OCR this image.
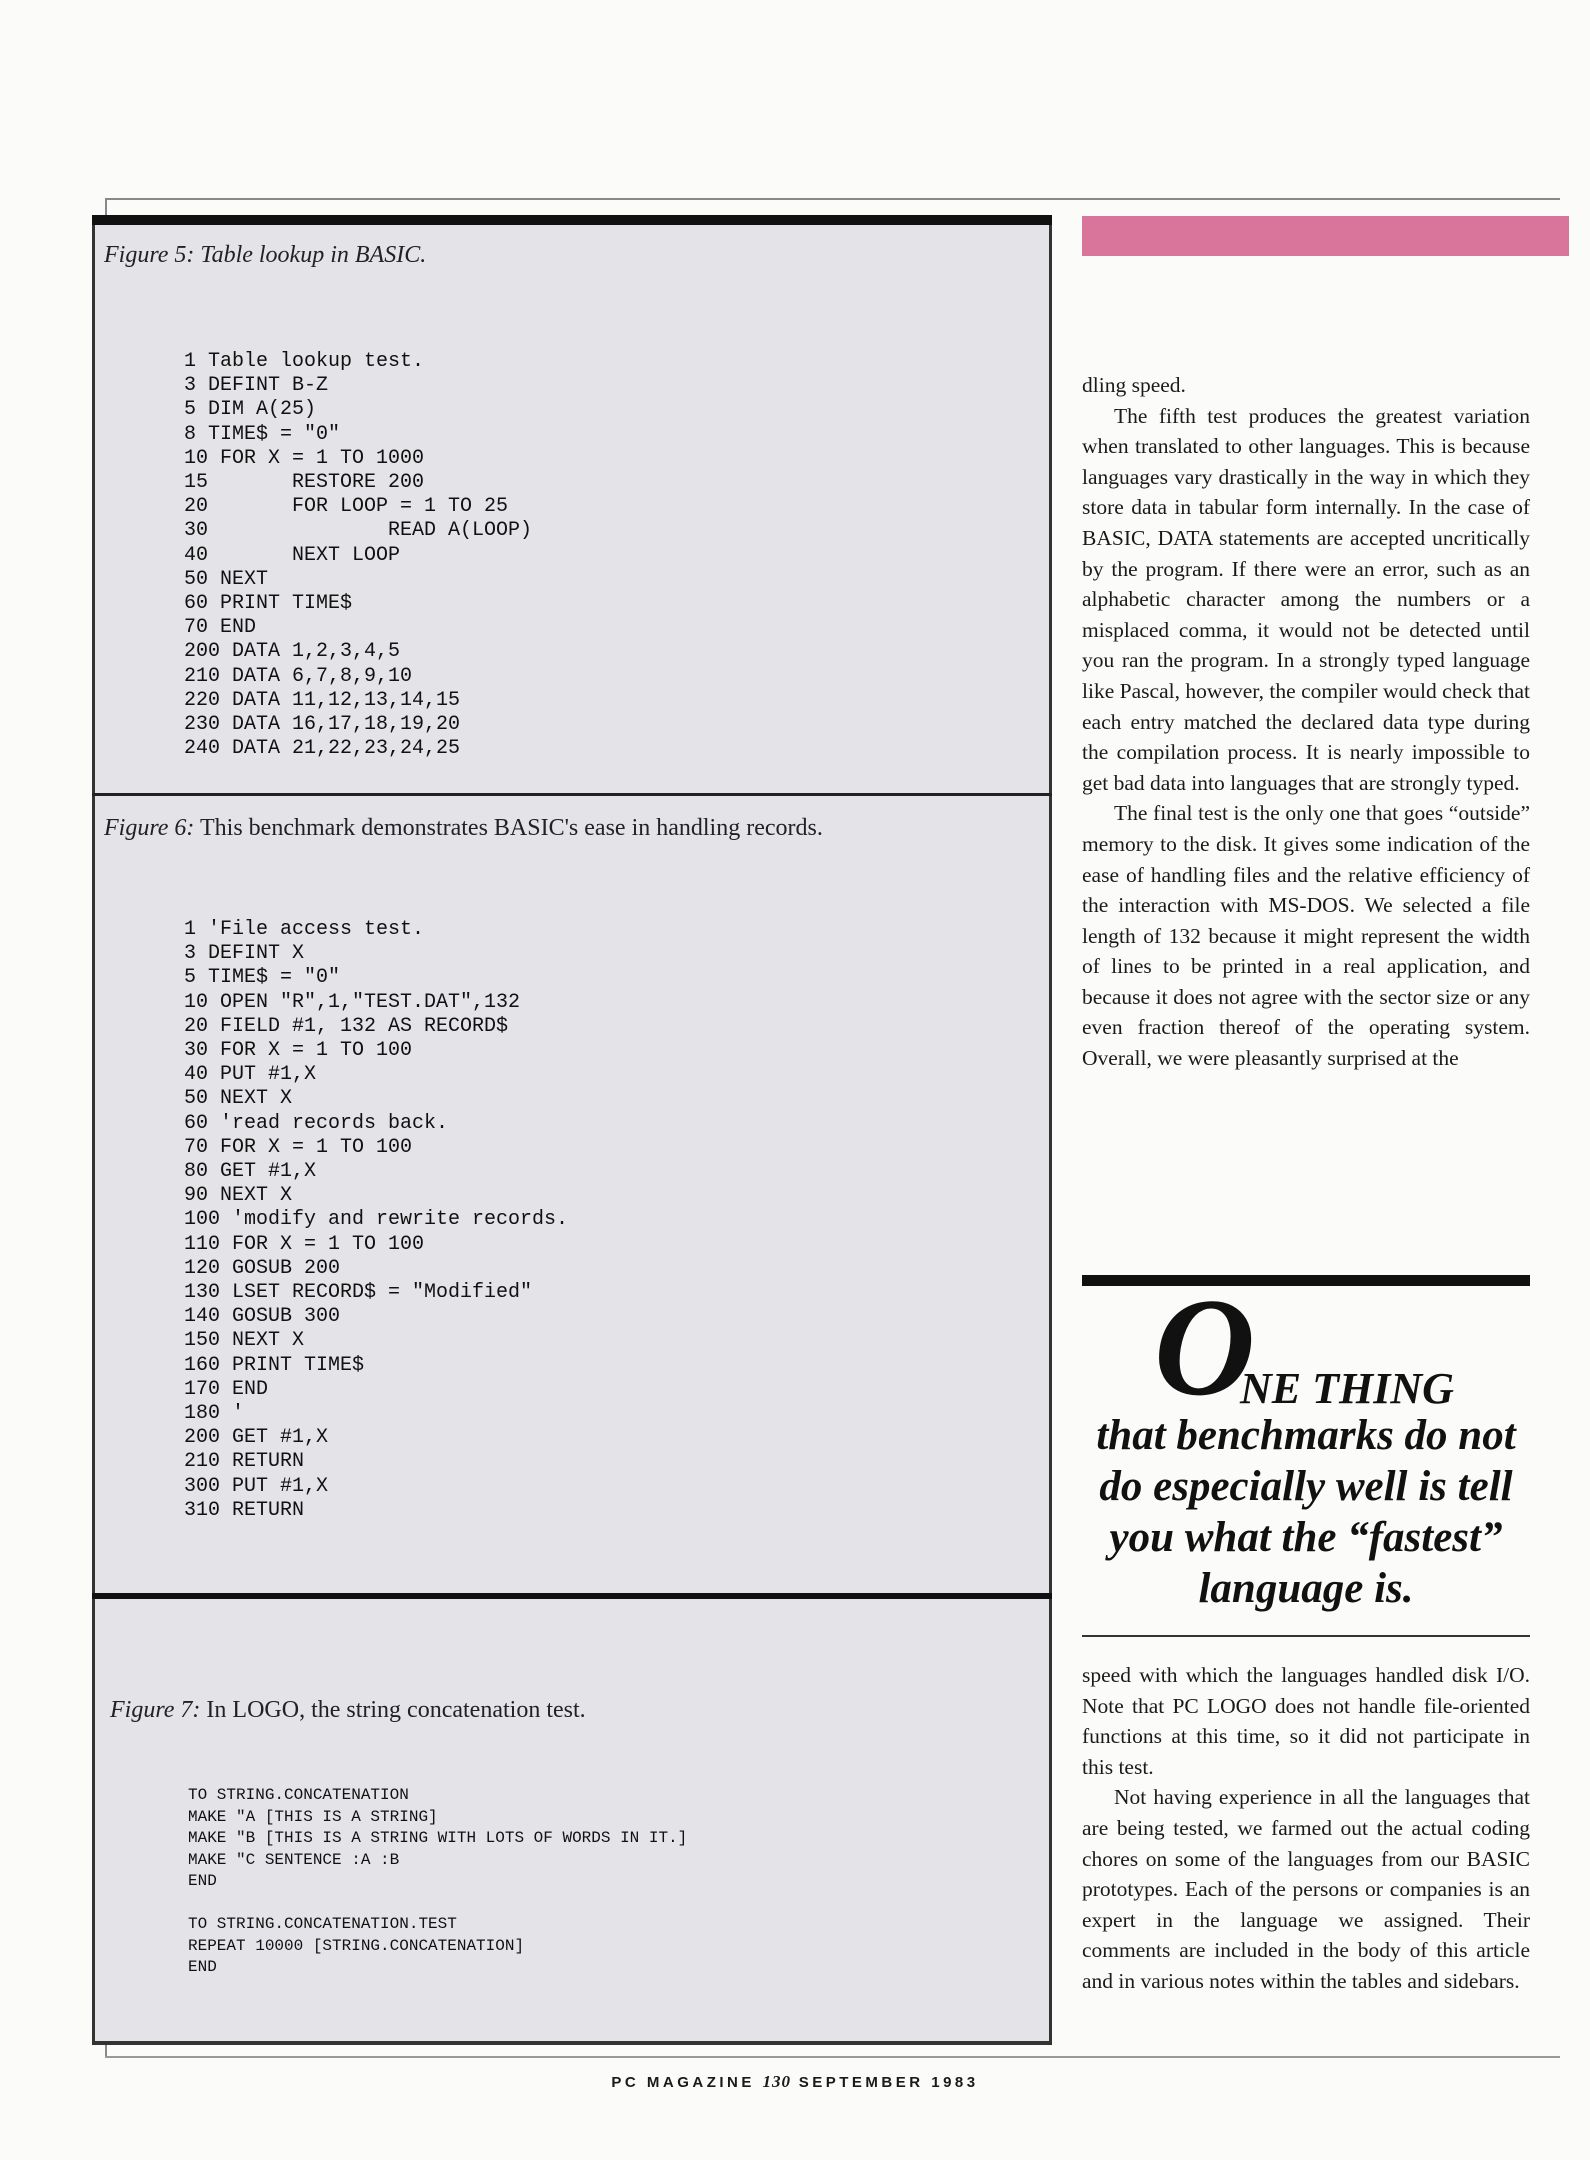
Figure 5: Table lookup in BASIC.
1 Table lookup test.
3 DEFINT B-Z
5 DIM A(25)
8 TIME$ = "0"
10 FOR X = 1 TO 1000
15       RESTORE 200
20       FOR LOOP = 1 TO 25
30               READ A(LOOP)
40       NEXT LOOP
50 NEXT
60 PRINT TIME$
70 END
200 DATA 1,2,3,4,5
210 DATA 6,7,8,9,10
220 DATA 11,12,13,14,15
230 DATA 16,17,18,19,20
240 DATA 21,22,23,24,25
Figure 6: This benchmark demonstrates BASIC's ease in handling records.
1 'File access test.
3 DEFINT X
5 TIME$ = "0"
10 OPEN "R",1,"TEST.DAT",132
20 FIELD #1, 132 AS RECORD$
30 FOR X = 1 TO 100
40 PUT #1,X
50 NEXT X
60 'read records back.
70 FOR X = 1 TO 100
80 GET #1,X
90 NEXT X
100 'modify and rewrite records.
110 FOR X = 1 TO 100
120 GOSUB 200
130 LSET RECORD$ = "Modified"
140 GOSUB 300
150 NEXT X
160 PRINT TIME$
170 END
180 '
200 GET #1,X
210 RETURN
300 PUT #1,X
310 RETURN
Figure 7: In LOGO, the string concatenation test.
TO STRING.CONCATENATION
MAKE "A [THIS IS A STRING]
MAKE "B [THIS IS A STRING WITH LOTS OF WORDS IN IT.]
MAKE "C SENTENCE :A :B
END

TO STRING.CONCATENATION.TEST
REPEAT 10000 [STRING.CONCATENATION]
END

dling speed.

The fifth test produces the greatest variation when translated to other languages. This is because languages vary drastically in the way in which they store data in tabular form internally. In the case of BASIC, DATA statements are accepted uncritically by the program. If there were an error, such as an alphabetic character among the numbers or a misplaced comma, it would not be detected until you ran the program. In a strongly typed language like Pascal, however, the compiler would check that each entry matched the declared data type during the compilation process. It is nearly impossible to get bad data into languages that are strongly typed.

The final test is the only one that goes “outside” memory to the disk. It gives some indication of the ease of handling files and the relative efficiency of the interaction with MS-DOS. We selected a file length of 132 because it might represent the width of lines to be printed in a real application, and because it does not agree with the sector size or any even fraction thereof of the operating system. Overall, we were pleasantly surprised at the

O
NE THING
that benchmarks do not do especially well is tell you what the “fastest” language is.

speed with which the languages handled disk I/O. Note that PC LOGO does not handle file-oriented functions at this time, so it did not participate in this test.

Not having experience in all the languages that are being tested, we farmed out the actual coding chores on some of the languages from our BASIC prototypes. Each of the persons or companies is an expert in the language we assigned. Their comments are included in the body of this article and in various notes within the tables and sidebars.

PC MAGAZINE 130 SEPTEMBER 1983
